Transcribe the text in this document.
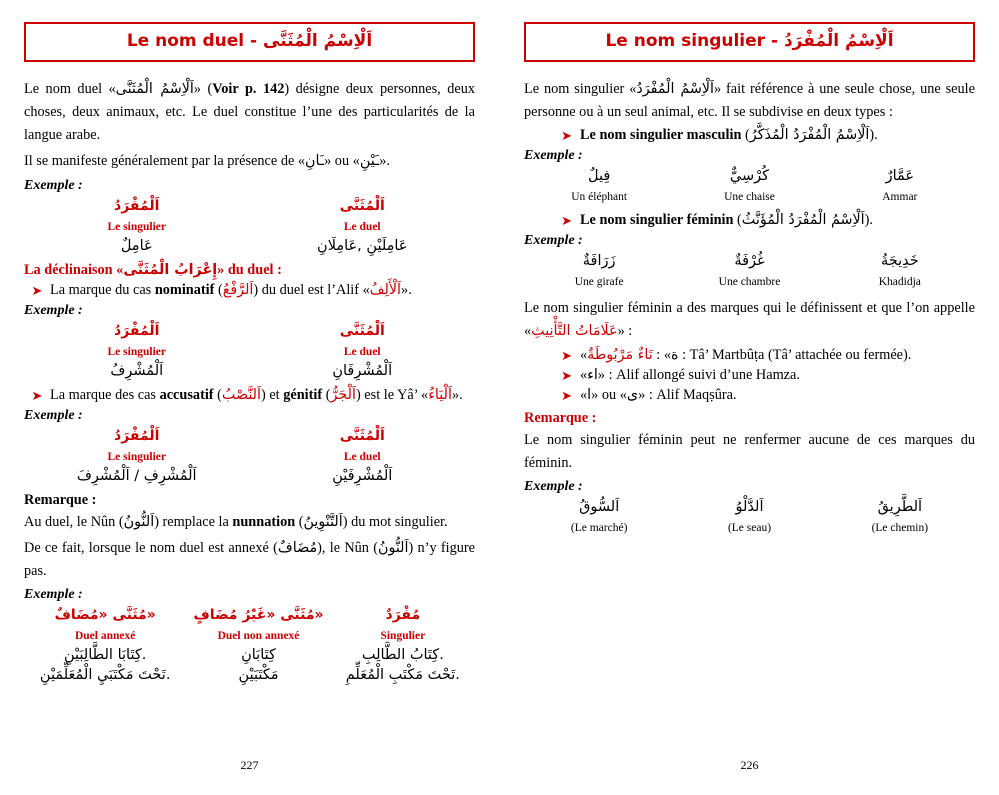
Le nom duel - اَلْاِسْمُ الْمُثَنَّى

Le nom duel «اَلْاِسْمُ الْمُثَنَّى» (Voir p. 142) désigne deux personnes, deux choses, deux animaux, etc. Le duel constitue l’une des particularités de la langue arabe.

Il se manifeste généralement par la présence de «ـَانِ» ou «ـَيْنِ».

Exemple :
اَلْمُفْرَدُ	اَلْمُثَنَّى
Le singulier	Le duel
عَامِلٌ	عَامِلَيْنِ ,عَامِلَانِ
La déclinaison «إِعْرَابُ الْمُثَنَّى» du duel :
➤ La marque du cas nominatif (اَلرَّفْعُ) du duel est l’Alif «اَلْأَلِفُ».
Exemple :
اَلْمُفْرَدُ	اَلْمُثَنَّى
Le singulier	Le duel
اَلْمُشْرِفُ	اَلْمُشْرِفَانِ
➤ La marque des cas accusatif (اَلنَّصْبُ) et génitif (اَلْجَرُّ) est le Yâ’ «اَلْيَاءُ».
Exemple :
اَلْمُفْرَدُ	اَلْمُثَنَّى
Le singulier	Le duel
اَلْمُشْرِفِ / اَلْمُشْرِفَ	اَلْمُشْرِفَيْنِ
Remarque :

Au duel, le Nûn (اَلنُّونُ) remplace la nunnation (اَلتَّنْوِينُ) du mot singulier.

De ce fait, lorsque le nom duel est annexé (مُضَافٌ), le Nûn (اَلنُّونُ) n’y figure pas.

Exemple :
مُثَنَّى «مُضَافٌ»	مُثَنَّى «غَيْرُ مُضَافٍ»	مُفْرَدٌ
Duel annexé	Duel non annexé	Singulier
كِتَابَا الطَّالِبَيْنِ.	كِتَابَانِ	كِتَابُ الطَّالِبِ.
تَحْتَ مَكْتَبَيِ الْمُعَلِّمَيْنِ.	مَكْتَبَيْنِ	تَحْتَ مَكْتَبِ الْمُعَلِّمِ.
227
Le nom singulier - اَلْاِسْمُ الْمُفْرَدُ

Le nom singulier «اَلْاِسْمُ الْمُفْرَدُ» fait référence à une seule chose, une seule personne ou à un seul animal, etc. Il se subdivise en deux types :

➤ Le nom singulier masculin (اَلْاِسْمُ الْمُفْرَدُ الْمُذَكَّرُ).
Exemple :
فِيلٌ	كُرْسِيٌّ	عَمَّارٌ
Un éléphant	Une chaise	Ammar
➤ Le nom singulier féminin (اَلْاِسْمُ الْمُفْرَدُ الْمُؤَنَّثُ).
Exemple :
زَرَافَةٌ	غُرْفَةٌ	خَدِيجَةُ
Une girafe	Une chambre	Khadidja

Le nom singulier féminin a des marques qui le définissent et que l’on appelle «عَلَامَاتُ التَّأْنِيثِ» :

➤ «	ة» : تَاءٌ مَرْبُوطَةٌ : Tâ’ Martbûṭa (Tâ’ attachée ou fermée).
➤ «اء» : Alif allongé suivi d’une Hamza.
➤ «ا» ou «ى» : Alif Maqṣûra.
Remarque :

Le nom singulier féminin peut ne renfermer aucune de ces marques du féminin.

Exemple :
اَلسُّوقُ	اَلدَّلْوُ	اَلطَّرِيقُ
(Le marché)	(Le seau)	(Le chemin)
226
